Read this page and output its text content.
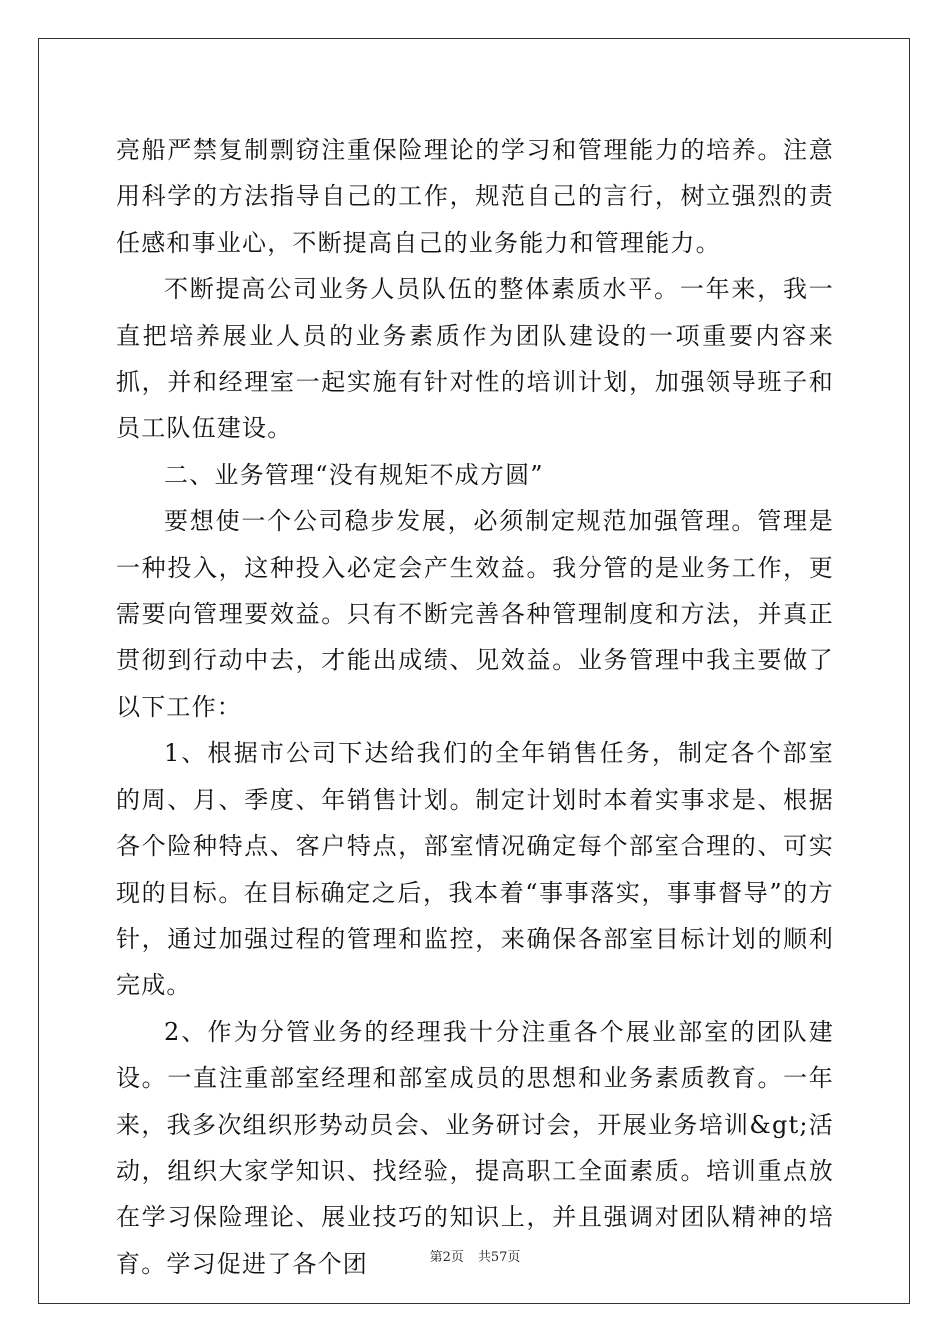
亮船严禁复制剽窃注重保险理论的学习和管理能力的培养。注意用科学的方法指导自己的工作，规范自己的言行，树立强烈的责任感和事业心，不断提高自己的业务能力和管理能力。

不断提高公司业务人员队伍的整体素质水平。一年来，我一直把培养展业人员的业务素质作为团队建设的一项重要内容来抓，并和经理室一起实施有针对性的培训计划，加强领导班子和员工队伍建设。

二、业务管理“没有规矩不成方圆”

要想使一个公司稳步发展，必须制定规范加强管理。管理是一种投入，这种投入必定会产生效益。我分管的是业务工作，更需要向管理要效益。只有不断完善各种管理制度和方法，并真正贯彻到行动中去，才能出成绩、见效益。业务管理中我主要做了以下工作：

1、根据市公司下达给我们的全年销售任务，制定各个部室的周、月、季度、年销售计划。制定计划时本着实事求是、根据各个险种特点、客户特点，部室情况确定每个部室合理的、可实现的目标。在目标确定之后，我本着“事事落实，事事督导”的方针，通过加强过程的管理和监控，来确保各部室目标计划的顺利完成。

2、作为分管业务的经理我十分注重各个展业部室的团队建设。一直注重部室经理和部室成员的思想和业务素质教育。一年来，我多次组织形势动员会、业务研讨会，开展业务培训&gt;活动，组织大家学知识、找经验，提高职工全面素质。培训重点放在学习保险理论、展业技巧的知识上，并且强调对团队精神的培育。学习促进了各个团	第2页 共57页
